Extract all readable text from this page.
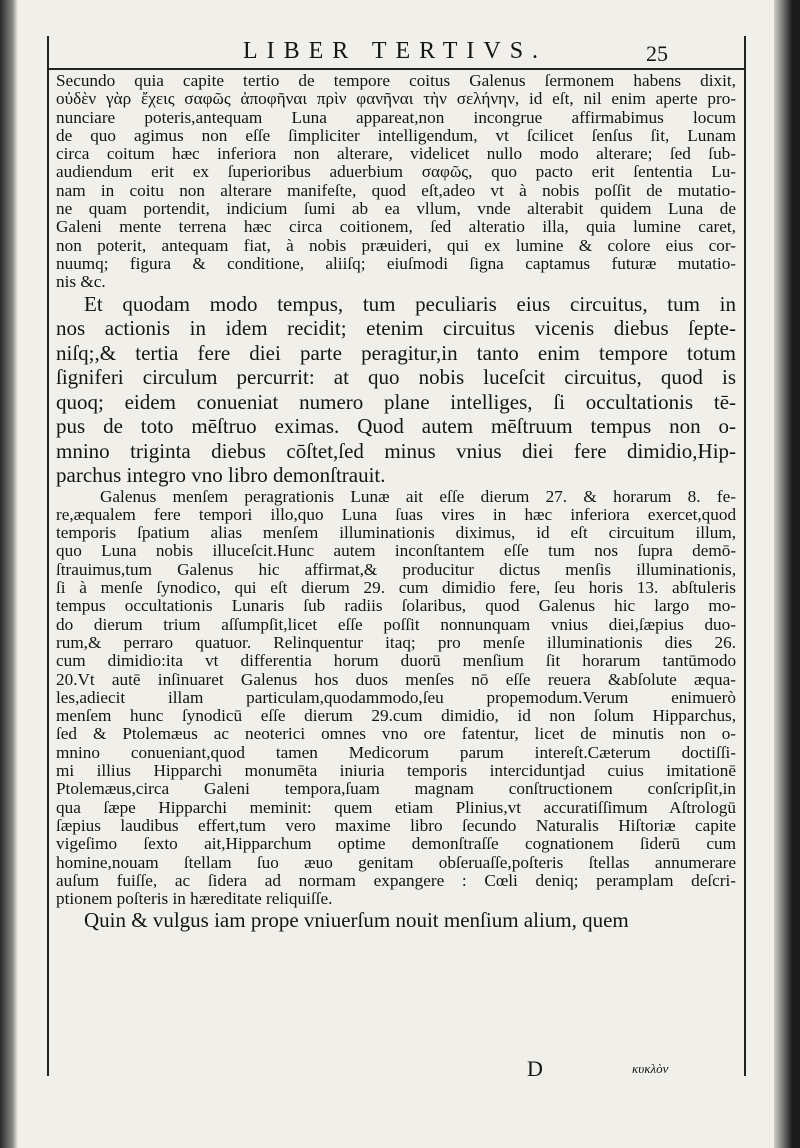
LIBER TERTIVS.	25

Secundo quia capite tertio de tempore coitus Galenus ſermonem habens dixit,
οὐδὲν γὰρ ἔχεις σαφῶς ἀποφῆναι πρὶν φανῆναι τὴν σελήνην, id eſt, nil enim aperte pro-
nunciare poteris,antequam Luna appareat,non incongrue affirmabimus locum
de quo agimus non eſſe ſimpliciter intelligendum, vt ſcilicet ſenſus ſit, Lunam
circa coitum hæc inferiora non alterare, videlicet nullo modo alterare; ſed ſub-
audiendum erit ex ſuperioribus aduerbium σαφῶς, quo pacto erit ſententia Lu-
nam in coitu non alterare manifeſte, quod eſt,adeo vt à nobis poſſit de mutatio-
ne quam portendit, indicium ſumi ab ea vllum, vnde alterabit quidem Luna de
Galeni mente terrena hæc circa coitionem, ſed alteratio illa, quia lumine caret,
non poterit, antequam fiat, à nobis præuideri, qui ex lumine & colore eius cor-
nuumq; figura & conditione, aliiſq; eiuſmodi ſigna captamus futuræ mutatio-
nis &c.

Et quodam modo tempus, tum peculiaris eius circuitus, tum in
nos actionis in idem recidit; etenim circuitus vicenis diebus ſepte-
niſq;,& tertia fere diei parte peragitur,in tanto enim tempore totum
ſigniferi circulum percurrit: at quo nobis luceſcit circuitus, quod is
quoq; eidem conueniat numero plane intelliges, ſi occultationis tē-
pus de toto mēſtruo eximas. Quod autem mēſtruum tempus non o-
mnino triginta diebus cōſtet,ſed minus vnius diei fere dimidio,Hip-
parchus integro vno libro demonſtrauit.

Galenus menſem peragrationis Lunæ ait eſſe dierum 27. & horarum 8. fe-
re,æqualem fere tempori illo,quo Luna ſuas vires in hæc inferiora exercet,quod
temporis ſpatium alias menſem illuminationis diximus, id eſt circuitum illum,
quo Luna nobis illuceſcit.Hunc autem inconſtantem eſſe tum nos ſupra demō-
ſtrauimus,tum Galenus hic affirmat,& producitur dictus menſis illuminationis,
ſi à menſe ſynodico, qui eſt dierum 29. cum dimidio fere, ſeu horis 13. abſtuleris
tempus occultationis Lunaris ſub radiis ſolaribus, quod Galenus hic largo mo-
do dierum trium aſſumpſit,licet eſſe poſſit nonnunquam vnius diei,ſæpius duo-
rum,& perraro quatuor. Relinquentur itaq; pro menſe illuminationis dies 26.
cum dimidio:ita vt differentia horum duorū menſium ſit horarum tantūmodo
20.Vt autē inſinuaret Galenus hos duos menſes nō eſſe reuera &abſolute æqua-
les,adiecit illam particulam,quodammodo,ſeu propemodum.Verum enimuerò
menſem hunc ſynodicū eſſe dierum 29.cum dimidio, id non ſolum Hipparchus,
ſed & Ptolemæus ac neoterici omnes vno ore fatentur, licet de minutis non o-
mnino conueniant,quod tamen Medicorum parum intereſt.Cæterum doctiſſi-
mi illius Hipparchi monumēta iniuria temporis interciduntjad cuius imitationē
Ptolemæus,circa Galeni tempora,ſuam magnam conſtructionem conſcripſit,in
qua ſæpe Hipparchi meminit: quem etiam Plinius,vt accuratiſſimum Aſtrologū
ſæpius laudibus effert,tum vero maxime libro ſecundo Naturalis Hiſtoriæ capite
vigeſimo ſexto ait,Hipparchum optime demonſtraſſe cognationem ſiderū cum
homine,nouam ſtellam ſuo æuo genitam obſeruaſſe,poſteris ſtellas annumerare
auſum fuiſſe, ac ſidera ad normam expangere : Cœli deniq; peramplam deſcri-
ptionem poſteris in hæreditate reliquiſſe.

Quin & vulgus iam prope vniuerſum nouit menſium alium, quem

D	κυκλὸν
